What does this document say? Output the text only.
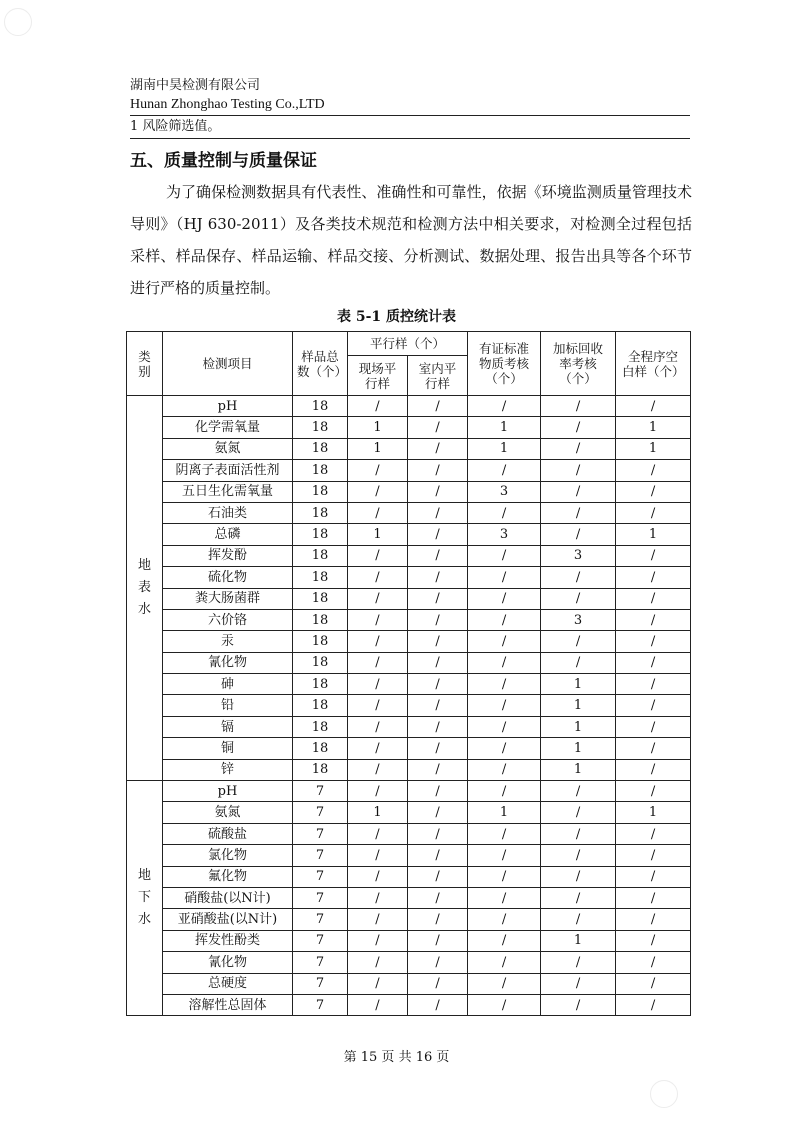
湖南中昊检测有限公司
Hunan Zhonghao Testing Co.,LTD
1 风险筛选值。
五、质量控制与质量保证
为了确保检测数据具有代表性、准确性和可靠性，依据《环境监测质量管理技术导则》（HJ 630-2011）及各类技术规范和检测方法中相关要求，对检测全过程包括采样、样品保存、样品运输、样品交接、分析测试、数据处理、报告出具等各个环节进行严格的质量控制。
表 5-1 质控统计表
类别	检测项目	样品总数（个）	平行样（个）		有证标准物质考核（个）	加标回收率考核（个）	全程序空白样（个）
			现场平行样	室内平行样			
地表水	pH	18	/	/	/	/	/
	化学需氧量	18	1	/	1	/	1
	氨氮	18	1	/	1	/	1
	阴离子表面活性剂	18	/	/	/	/	/
	五日生化需氧量	18	/	/	3	/	/
	石油类	18	/	/	/	/	/
	总磷	18	1	/	3	/	1
	挥发酚	18	/	/	/	3	/
	硫化物	18	/	/	/	/	/
	粪大肠菌群	18	/	/	/	/	/
	六价铬	18	/	/	/	3	/
	汞	18	/	/	/	/	/
	氰化物	18	/	/	/	/	/
	砷	18	/	/	/	1	/
	铅	18	/	/	/	1	/
	镉	18	/	/	/	1	/
	铜	18	/	/	/	1	/
	锌	18	/	/	/	1	/
地下水	pH	7	/	/	/	/	/
	氨氮	7	1	/	1	/	1
	硫酸盐	7	/	/	/	/	/
	氯化物	7	/	/	/	/	/
	氟化物	7	/	/	/	/	/
	硝酸盐(以N计)	7	/	/	/	/	/
	亚硝酸盐(以N计)	7	/	/	/	/	/
	挥发性酚类	7	/	/	/	1	/
	氰化物	7	/	/	/	/	/
	总硬度	7	/	/	/	/	/
	溶解性总固体	7	/	/	/	/	/
第 15 页 共 16 页
